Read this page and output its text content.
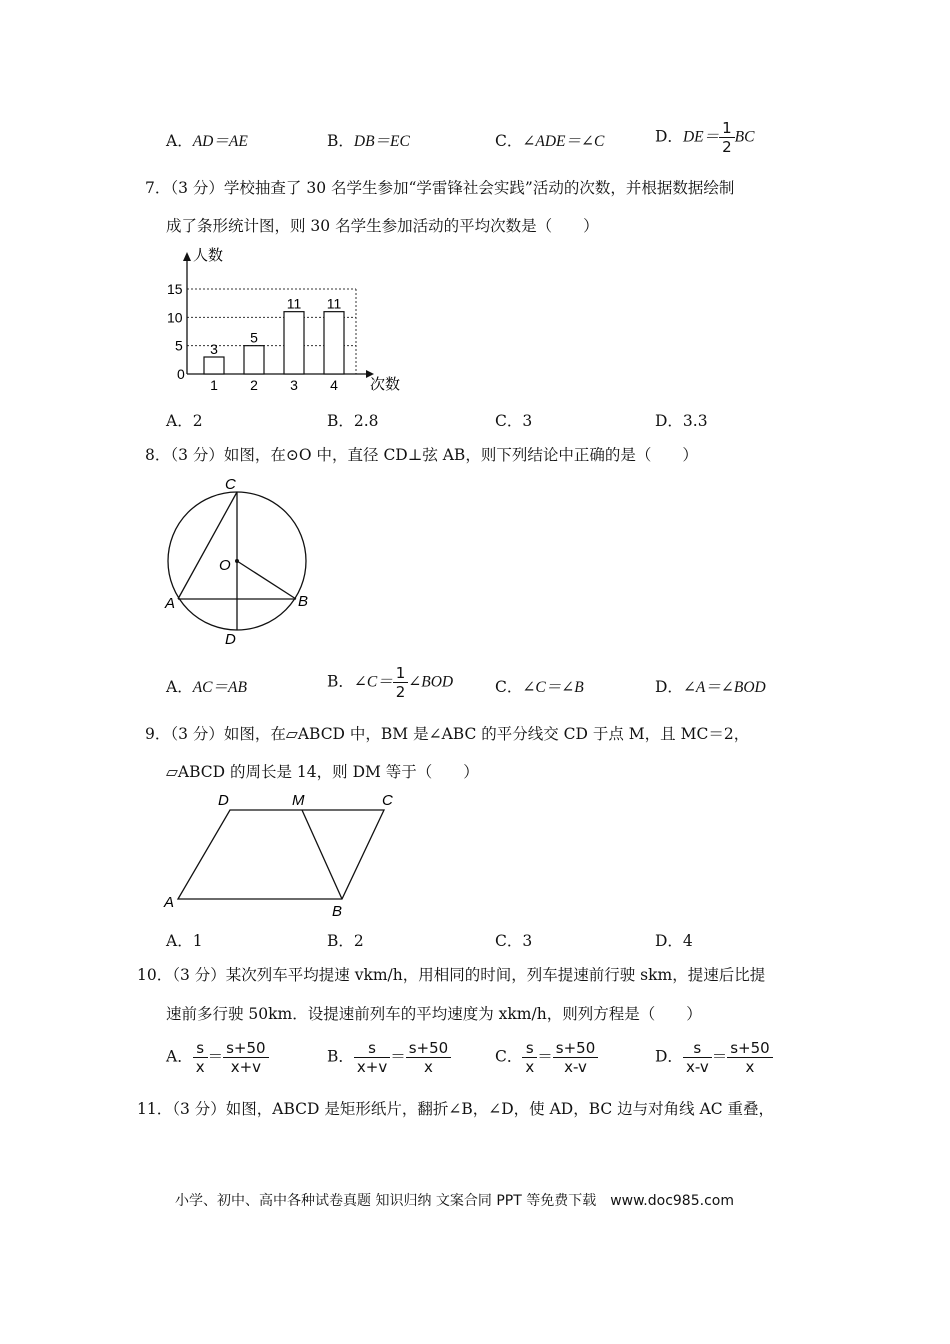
A．AD＝AE	B．DB＝EC	C．∠ADE＝∠C	D．$DE= \frac{1}{2}$ BC
7．（3 分）学校抽查了 30 名学生参加“学雷锋社会实践”活动的次数，并根据数据绘制
成了条形统计图，则 30 名学生参加活动的平均次数是（　　）
0
5
10
15
人数
次数
3
1
5
2
11
3
11
4
A．2	B．2.8	C．3	D．3.3
8．（3 分）如图，在⊙O 中，直径 CD⊥弦 AB，则下列结论中正确的是（　　）
C
O
A	B
D
A．AC＝AB	B．∠C＝ $\frac{1}{2}$ ∠BOD	C．∠C＝∠B	D．∠A＝∠BOD
9．（3 分）如图，在▱ABCD 中，BM 是∠ABC 的平分线交 CD 于点 M，且 MC＝2，
▱ABCD 的周长是 14，则 DM 等于（　　）
D	M	C
A
B
A．1	B．2	C．3	D．4
10．（3 分）某次列车平均提速 vkm/h，用相同的时间，列车提速前行驶 skm，提速后比提
速前多行驶 50km．设提速前列车的平均速度为 xkm/h，则列方程是（　　）
A． $\frac{s}{x} = \frac{s+50}{x+v}$	B． $\frac{s}{x+v} = \frac{s+50}{x}$	C． $\frac{s}{x} = \frac{s+50}{x-v}$	D． $\frac{s}{x-v} = \frac{s+50}{x}$
11．（3 分）如图，ABCD 是矩形纸片，翻折∠B，∠D，使 AD，BC 边与对角线 AC 重叠，
小学、初中、高中各种试卷真题 知识归纳 文案合同 PPT 等免费下载　www.doc985.com
